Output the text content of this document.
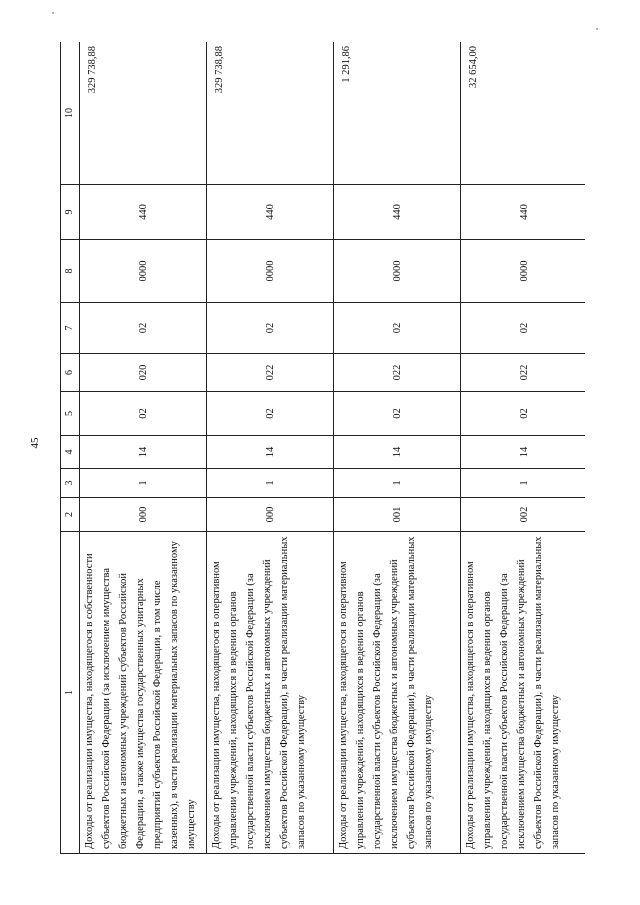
45
1	2	3	4	5	6	7	8	9	10
Доходы от реализации имущества, находящегося в собственности субъектов Российской Федерации (за исключением имущества бюджетных и автономных учреждений субъектов Российской Федерации, а также имущества государственных унитарных предприятий субъектов Российской Федерации, в том числе казенных), в части реализации материальных запасов по указанному имуществу	000	1	14	02	020	02	0000	440	329 738,88
Доходы от реализации имущества, находящегося в оперативном управлении учреждений, находящихся в ведении органов государственной власти субъектов Российской Федерации (за исключением имущества бюджетных и автономных учреждений субъектов Российской Федерации), в части реализации материальных запасов по указанному имуществу	000	1	14	02	022	02	0000	440	329 738,88
Доходы от реализации имущества, находящегося в оперативном управлении учреждений, находящихся в ведении органов государственной власти субъектов Российской Федерации (за исключением имущества бюджетных и автономных учреждений субъектов Российской Федерации), в части реализации материальных запасов по указанному имуществу	001	1	14	02	022	02	0000	440	1 291,86
Доходы от реализации имущества, находящегося в оперативном управлении учреждений, находящихся в ведении органов государственной власти субъектов Российской Федерации (за исключением имущества бюджетных и автономных учреждений субъектов Российской Федерации), в части реализации материальных запасов по указанному имуществу	002	1	14	02	022	02	0000	440	32 654,00
